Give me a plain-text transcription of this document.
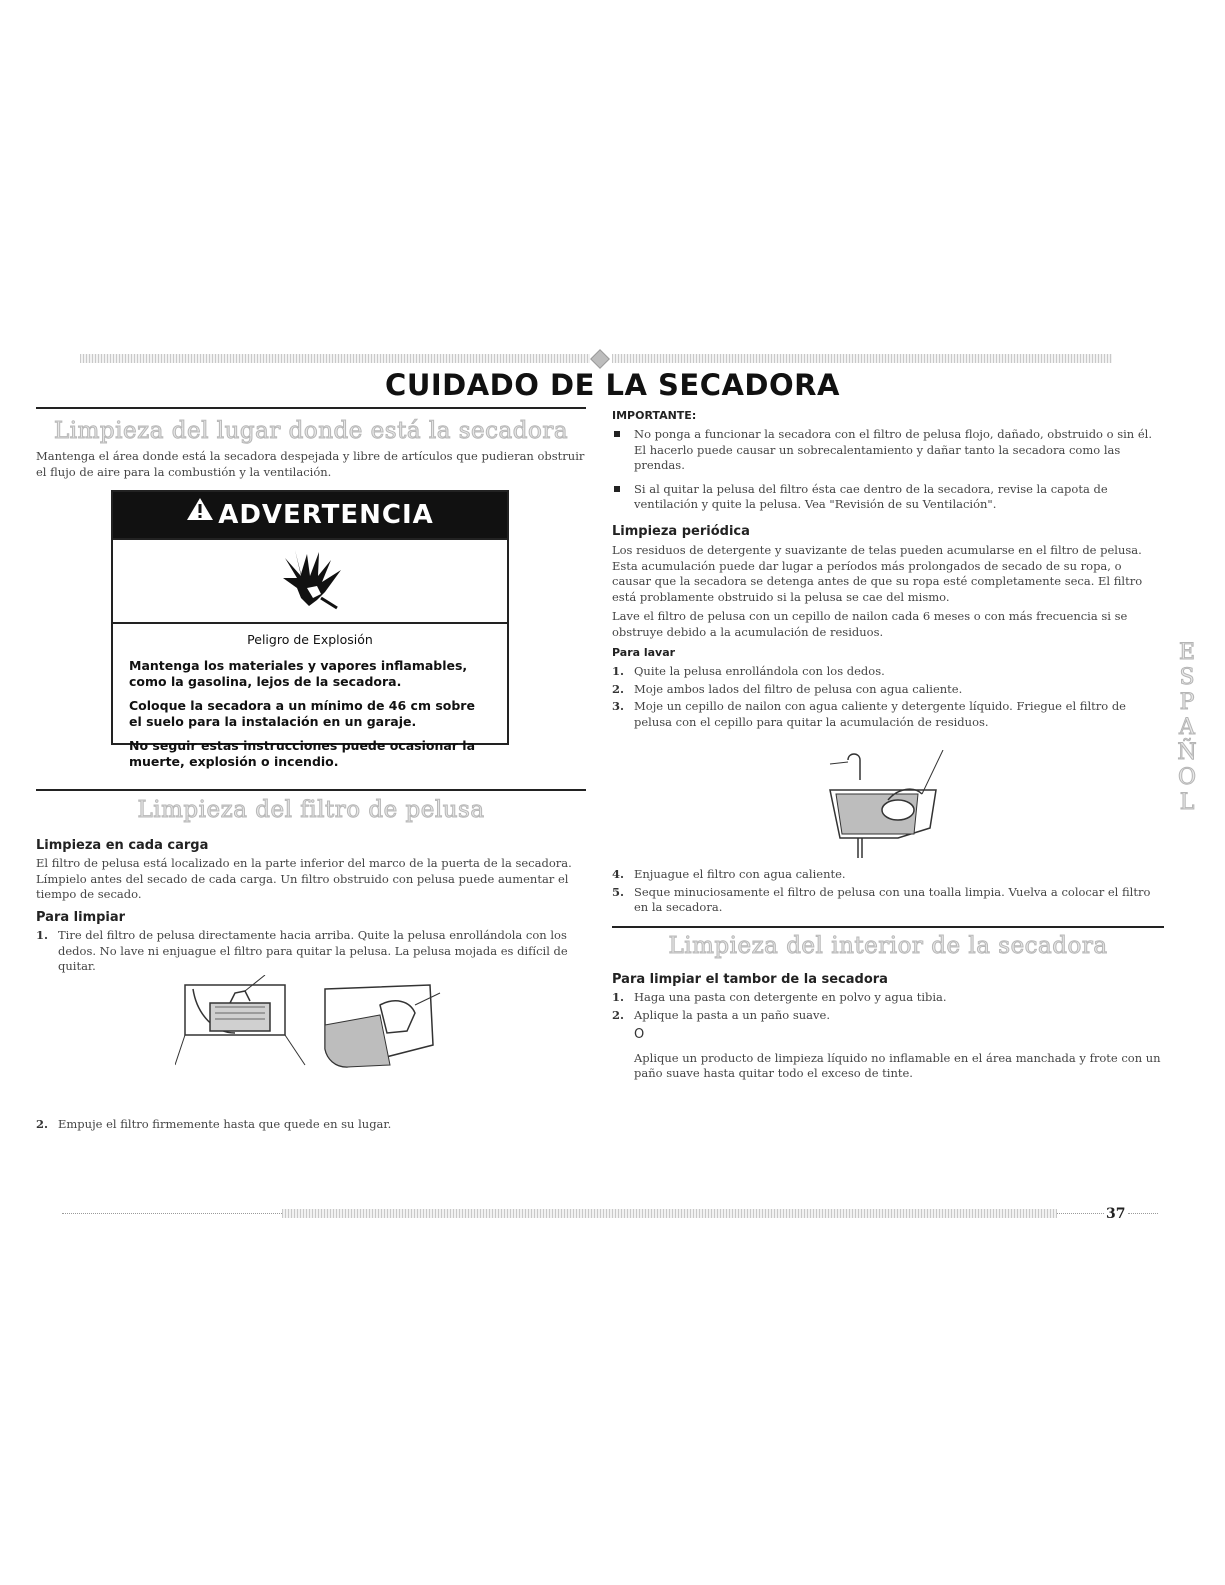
CUIDADO DE LA SECADORA
Limpieza del lugar donde está la secadora
Mantenga el área donde está la secadora despejada y libre de artículos que pudieran obstruir el flujo de aire para la combustión y la ventilación.
ADVERTENCIA

Peligro de Explosión

Mantenga los materiales y vapores inflamables, como la gasolina, lejos de la secadora.

Coloque la secadora a un mínimo de 46 cm sobre el suelo para la instalación en un garaje.

No seguir estas instrucciones puede ocasionar la muerte, explosión o incendio.

Limpieza del filtro de pelusa
Limpieza en cada carga
El filtro de pelusa está localizado en la parte inferior del marco de la puerta de la secadora. Límpielo antes del secado de cada carga. Un filtro obstruido con pelusa puede aumentar el tiempo de secado.
Para limpiar
1. Tire del filtro de pelusa directamente hacia arriba. Quite la pelusa enrollándola con los dedos. No lave ni enjuague el filtro para quitar la pelusa. La pelusa mojada es difícil de quitar.
2. Empuje el filtro firmemente hasta que quede en su lugar.
IMPORTANTE:
No ponga a funcionar la secadora con el filtro de pelusa flojo, dañado, obstruido o sin él. El hacerlo puede causar un sobrecalentamiento y dañar tanto la secadora como las prendas.
Si al quitar la pelusa del filtro ésta cae dentro de la secadora, revise la capota de ventilación y quite la pelusa. Vea "Revisión de su Ventilación".
Limpieza periódica
Los residuos de detergente y suavizante de telas pueden acumularse en el filtro de pelusa. Esta acumulación puede dar lugar a períodos más prolongados de secado de su ropa, o causar que la secadora se detenga antes de que su ropa esté completamente seca. El filtro está problamente obstruido si la pelusa se cae del mismo.
Lave el filtro de pelusa con un cepillo de nailon cada 6 meses o con más frecuencia si se obstruye debido a la acumulación de residuos.
Para lavar
1. Quite la pelusa enrollándola con los dedos.
2. Moje ambos lados del filtro de pelusa con agua caliente.
3. Moje un cepillo de nailon con agua caliente y detergente líquido. Friegue el filtro de pelusa con el cepillo para quitar la acumulación de residuos.
4. Enjuague el filtro con agua caliente.
5. Seque minuciosamente el filtro de pelusa con una toalla limpia. Vuelva a colocar el filtro en la secadora.
Limpieza del interior de la secadora
Para limpiar el tambor de la secadora
1. Haga una pasta con detergente en polvo y agua tibia.
2. Aplique la pasta a un paño suave.
O
Aplique un producto de limpieza líquido no inflamable en el área manchada y frote con un paño suave hasta quitar todo el exceso de tinte.
ESPAÑOL
37
